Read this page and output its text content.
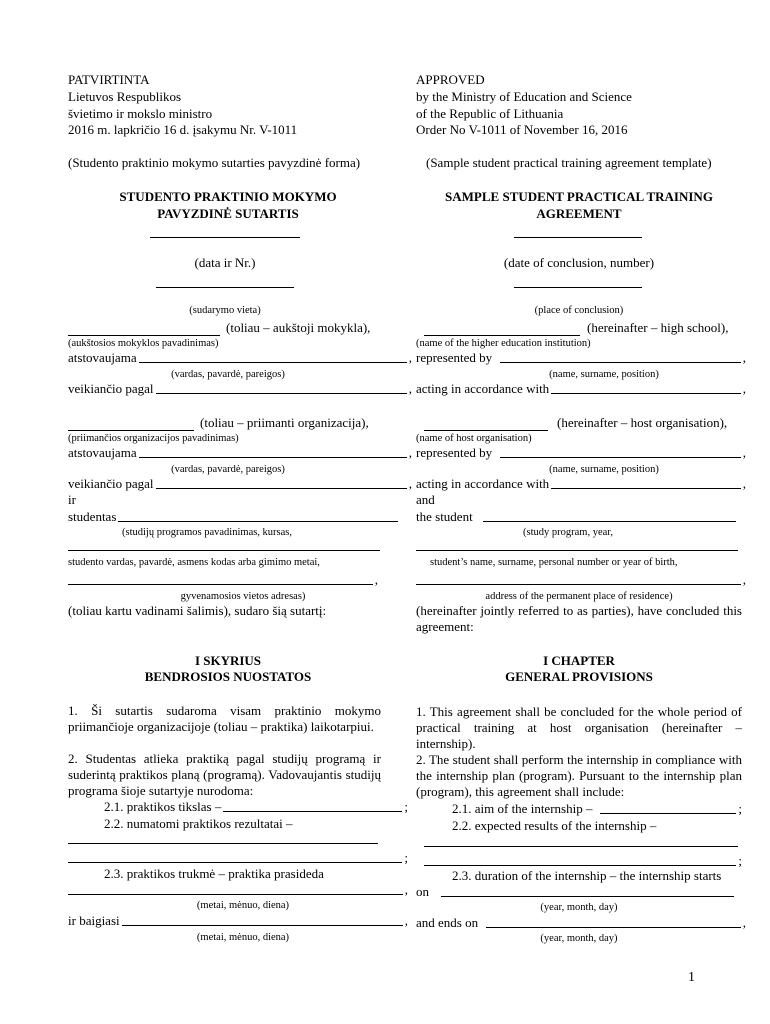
PATVIRTINTA
Lietuvos Respublikos
švietimo ir mokslo ministro
2016 m. lapkričio 16 d. įsakymu Nr. V-1011
(Studento praktinio mokymo sutarties pavyzdinė forma)
STUDENTO PRAKTINIO MOKYMO
PAVYZDINĖ SUTARTIS
(data ir Nr.)
(sudarymo vieta)
(toliau – aukštoji mokykla),
(aukštosios mokyklos pavadinimas)
atstovaujama	,
(vardas, pavardė, pareigos)
veikiančio pagal	,
(toliau – priimanti organizacija),
(priimančios organizacijos pavadinimas)
atstovaujama	,
(vardas, pavardė, pareigos)
veikiančio pagal	,
ir
studentas
(studijų programos pavadinimas, kursas,
studento vardas, pavardė, asmens kodas arba gimimo metai,
,
gyvenamosios vietos adresas)
(toliau kartu vadinami šalimis), sudaro šią sutartį:
I SKYRIUS
BENDROSIOS NUOSTATOS
1. Ši sutartis sudaroma visam praktinio mokymo priimančioje organizacijoje (toliau – praktika) laikotarpiui.
2. Studentas atlieka praktiką pagal studijų programą ir suderintą praktikos planą (programą). Vadovaujantis studijų programa šioje sutartyje nurodoma:
2.1. praktikos tikslas –	;
2.2. numatomi praktikos rezultatai –
;
2.3. praktikos trukmė – praktika prasideda
,
(metai, mėnuo, diena)
ir baigiasi	,
(metai, mėnuo, diena)
APPROVED
by the Ministry of Education and Science
of the Republic of Lithuania
Order No V-1011 of November 16, 2016
(Sample student practical training agreement template)
SAMPLE STUDENT PRACTICAL TRAINING
AGREEMENT
(date of conclusion, number)
(place of conclusion)
(hereinafter – high school),
(name of the higher education institution)
represented by	,
(name, surname, position)
acting in accordance with	,
(hereinafter – host organisation),
(name of host organisation)
represented by	,
(name, surname, position)
acting in accordance with	,
and
the student
(study program, year,
student’s name, surname, personal number or year of birth,
,
address of the permanent place of residence)
(hereinafter jointly referred to as parties), have concluded this agreement:
I CHAPTER
GENERAL PROVISIONS
1. This agreement shall be concluded for the whole period of practical training at host organisation (hereinafter – internship).
2. The student shall perform the internship in compliance with the internship plan (program). Pursuant to the internship plan (program), this agreement shall include:
2.1. aim of the internship –	;
2.2. expected results of the internship –
;
2.3. duration of the internship – the internship starts
on
(year, month, day)
and ends on	,
(year, month, day)
1
